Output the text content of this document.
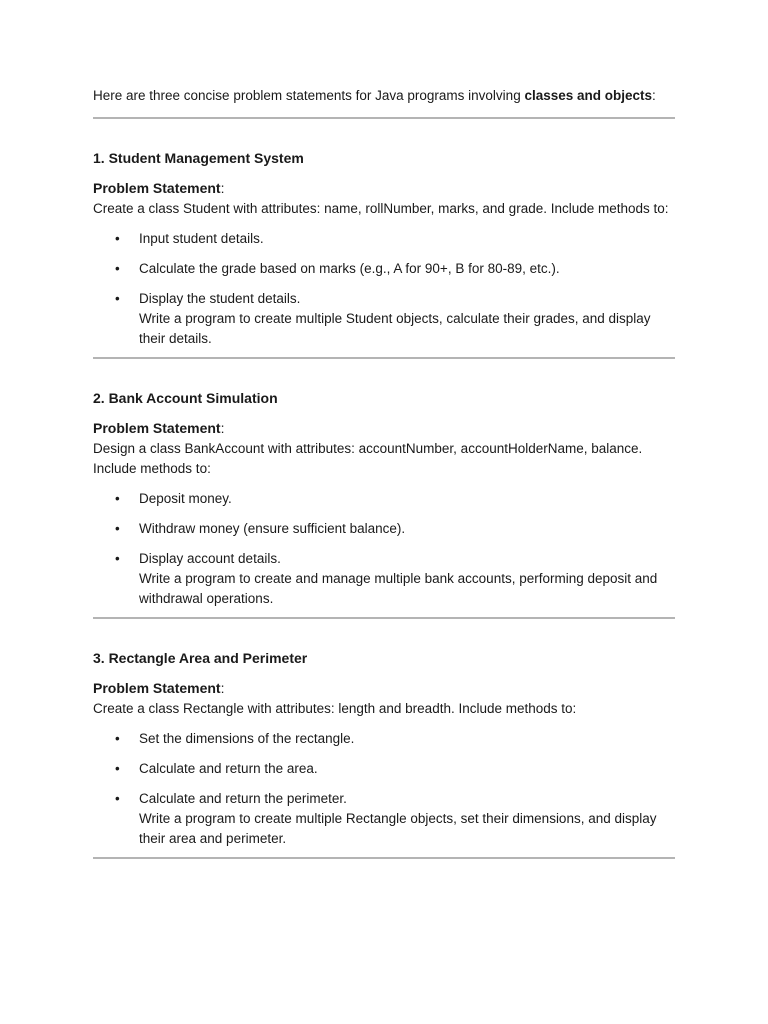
Here are three concise problem statements for Java programs involving classes and objects:

1. Student Management System

Problem Statement:

Create a class Student with attributes: name, rollNumber, marks, and grade. Include methods to:

• Input student details.
• Calculate the grade based on marks (e.g., A for 90+, B for 80-89, etc.).
• Display the student details.
Write a program to create multiple Student objects, calculate their grades, and display their details.
2. Bank Account Simulation

Problem Statement:

Design a class BankAccount with attributes: accountNumber, accountHolderName, balance. Include methods to:

• Deposit money.
• Withdraw money (ensure sufficient balance).
• Display account details.
Write a program to create and manage multiple bank accounts, performing deposit and withdrawal operations.
3. Rectangle Area and Perimeter

Problem Statement:

Create a class Rectangle with attributes: length and breadth. Include methods to:

• Set the dimensions of the rectangle.
• Calculate and return the area.
• Calculate and return the perimeter.
Write a program to create multiple Rectangle objects, set their dimensions, and display their area and perimeter.
